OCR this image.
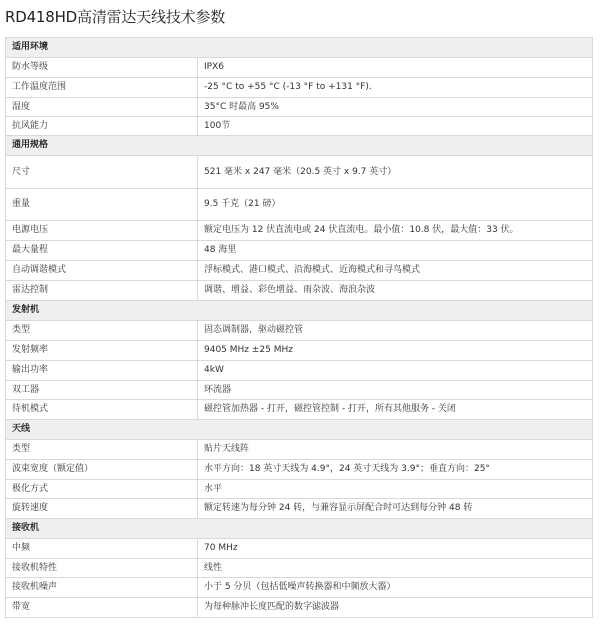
RD418HD高清雷达天线技术参数
适用环境	
防水等级	IPX6
工作温度范围	-25 °C to +55 °C (-13 °F to +131 °F).
湿度	35°C 时最高 95%
抗风能力	100节
通用规格	
尺寸	521 毫米 x 247 毫米（20.5 英寸 x 9.7 英寸）
重量	9.5 千克（21 磅）
电源电压	额定电压为 12 伏直流电或 24 伏直流电。最小值：10.8 伏，最大值：33 伏。
最大量程	48 海里
自动调谐模式	浮标模式、港口模式、沿海模式、近海模式和寻鸟模式
雷达控制	调谐、增益、彩色增益、雨杂波、海浪杂波
发射机	
类型	固态调制器，驱动磁控管
发射频率	9405 MHz ±25 MHz
输出功率	4kW
双工器	环流器
待机模式	磁控管加热器 - 打开，磁控管控制 - 打开，所有其他服务 - 关闭
天线	
类型	贴片天线阵
波束宽度（额定值）	水平方向：18 英寸天线为 4.9°，24 英寸天线为 3.9°；垂直方向：25°
极化方式	水平
旋转速度	额定转速为每分钟 24 转，与兼容显示屏配合时可达到每分钟 48 转
接收机	
中频	70 MHz
接收机特性	线性
接收机噪声	小于 5 分贝（包括低噪声转换器和中频放大器）
带宽	为每种脉冲长度匹配的数字滤波器
